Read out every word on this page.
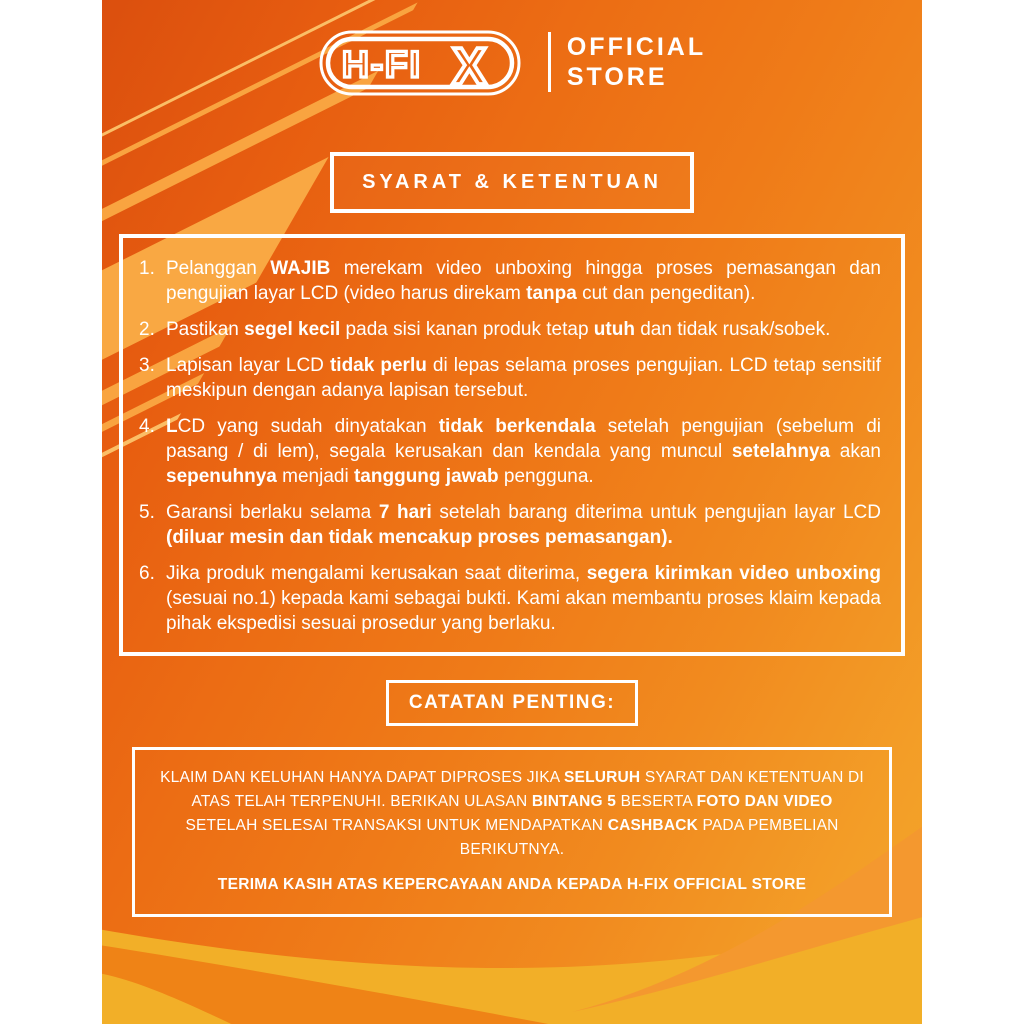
H-FI X	OFFICIAL
STORE
SYARAT & KETENTUAN
1. Pelanggan WAJIB merekam video unboxing hingga proses pemasangan dan pengujian layar LCD (video harus direkam tanpa cut dan pengeditan).
2. Pastikan segel kecil pada sisi kanan produk tetap utuh dan tidak rusak/sobek.
3. Lapisan layar LCD tidak perlu di lepas selama proses pengujian. LCD tetap sensitif meskipun dengan adanya lapisan tersebut.
4. LCD yang sudah dinyatakan tidak berkendala setelah pengujian (sebelum di pasang / di lem), segala kerusakan dan kendala yang muncul setelahnya akan sepenuhnya menjadi tanggung jawab pengguna.
5. Garansi berlaku selama 7 hari setelah barang diterima untuk pengujian layar LCD (diluar mesin dan tidak mencakup proses pemasangan).
6. Jika produk mengalami kerusakan saat diterima, segera kirimkan video unboxing (sesuai no.1) kepada kami sebagai bukti. Kami akan membantu proses klaim kepada pihak ekspedisi sesuai prosedur yang berlaku.
CATATAN PENTING:

KLAIM DAN KELUHAN HANYA DAPAT DIPROSES JIKA SELURUH SYARAT DAN KETENTUAN DI ATAS TELAH TERPENUHI. BERIKAN ULASAN BINTANG 5 BESERTA FOTO DAN VIDEO SETELAH SELESAI TRANSAKSI UNTUK MENDAPATKAN CASHBACK PADA PEMBELIAN BERIKUTNYA.

TERIMA KASIH ATAS KEPERCAYAAN ANDA KEPADA H-FIX OFFICIAL STORE
